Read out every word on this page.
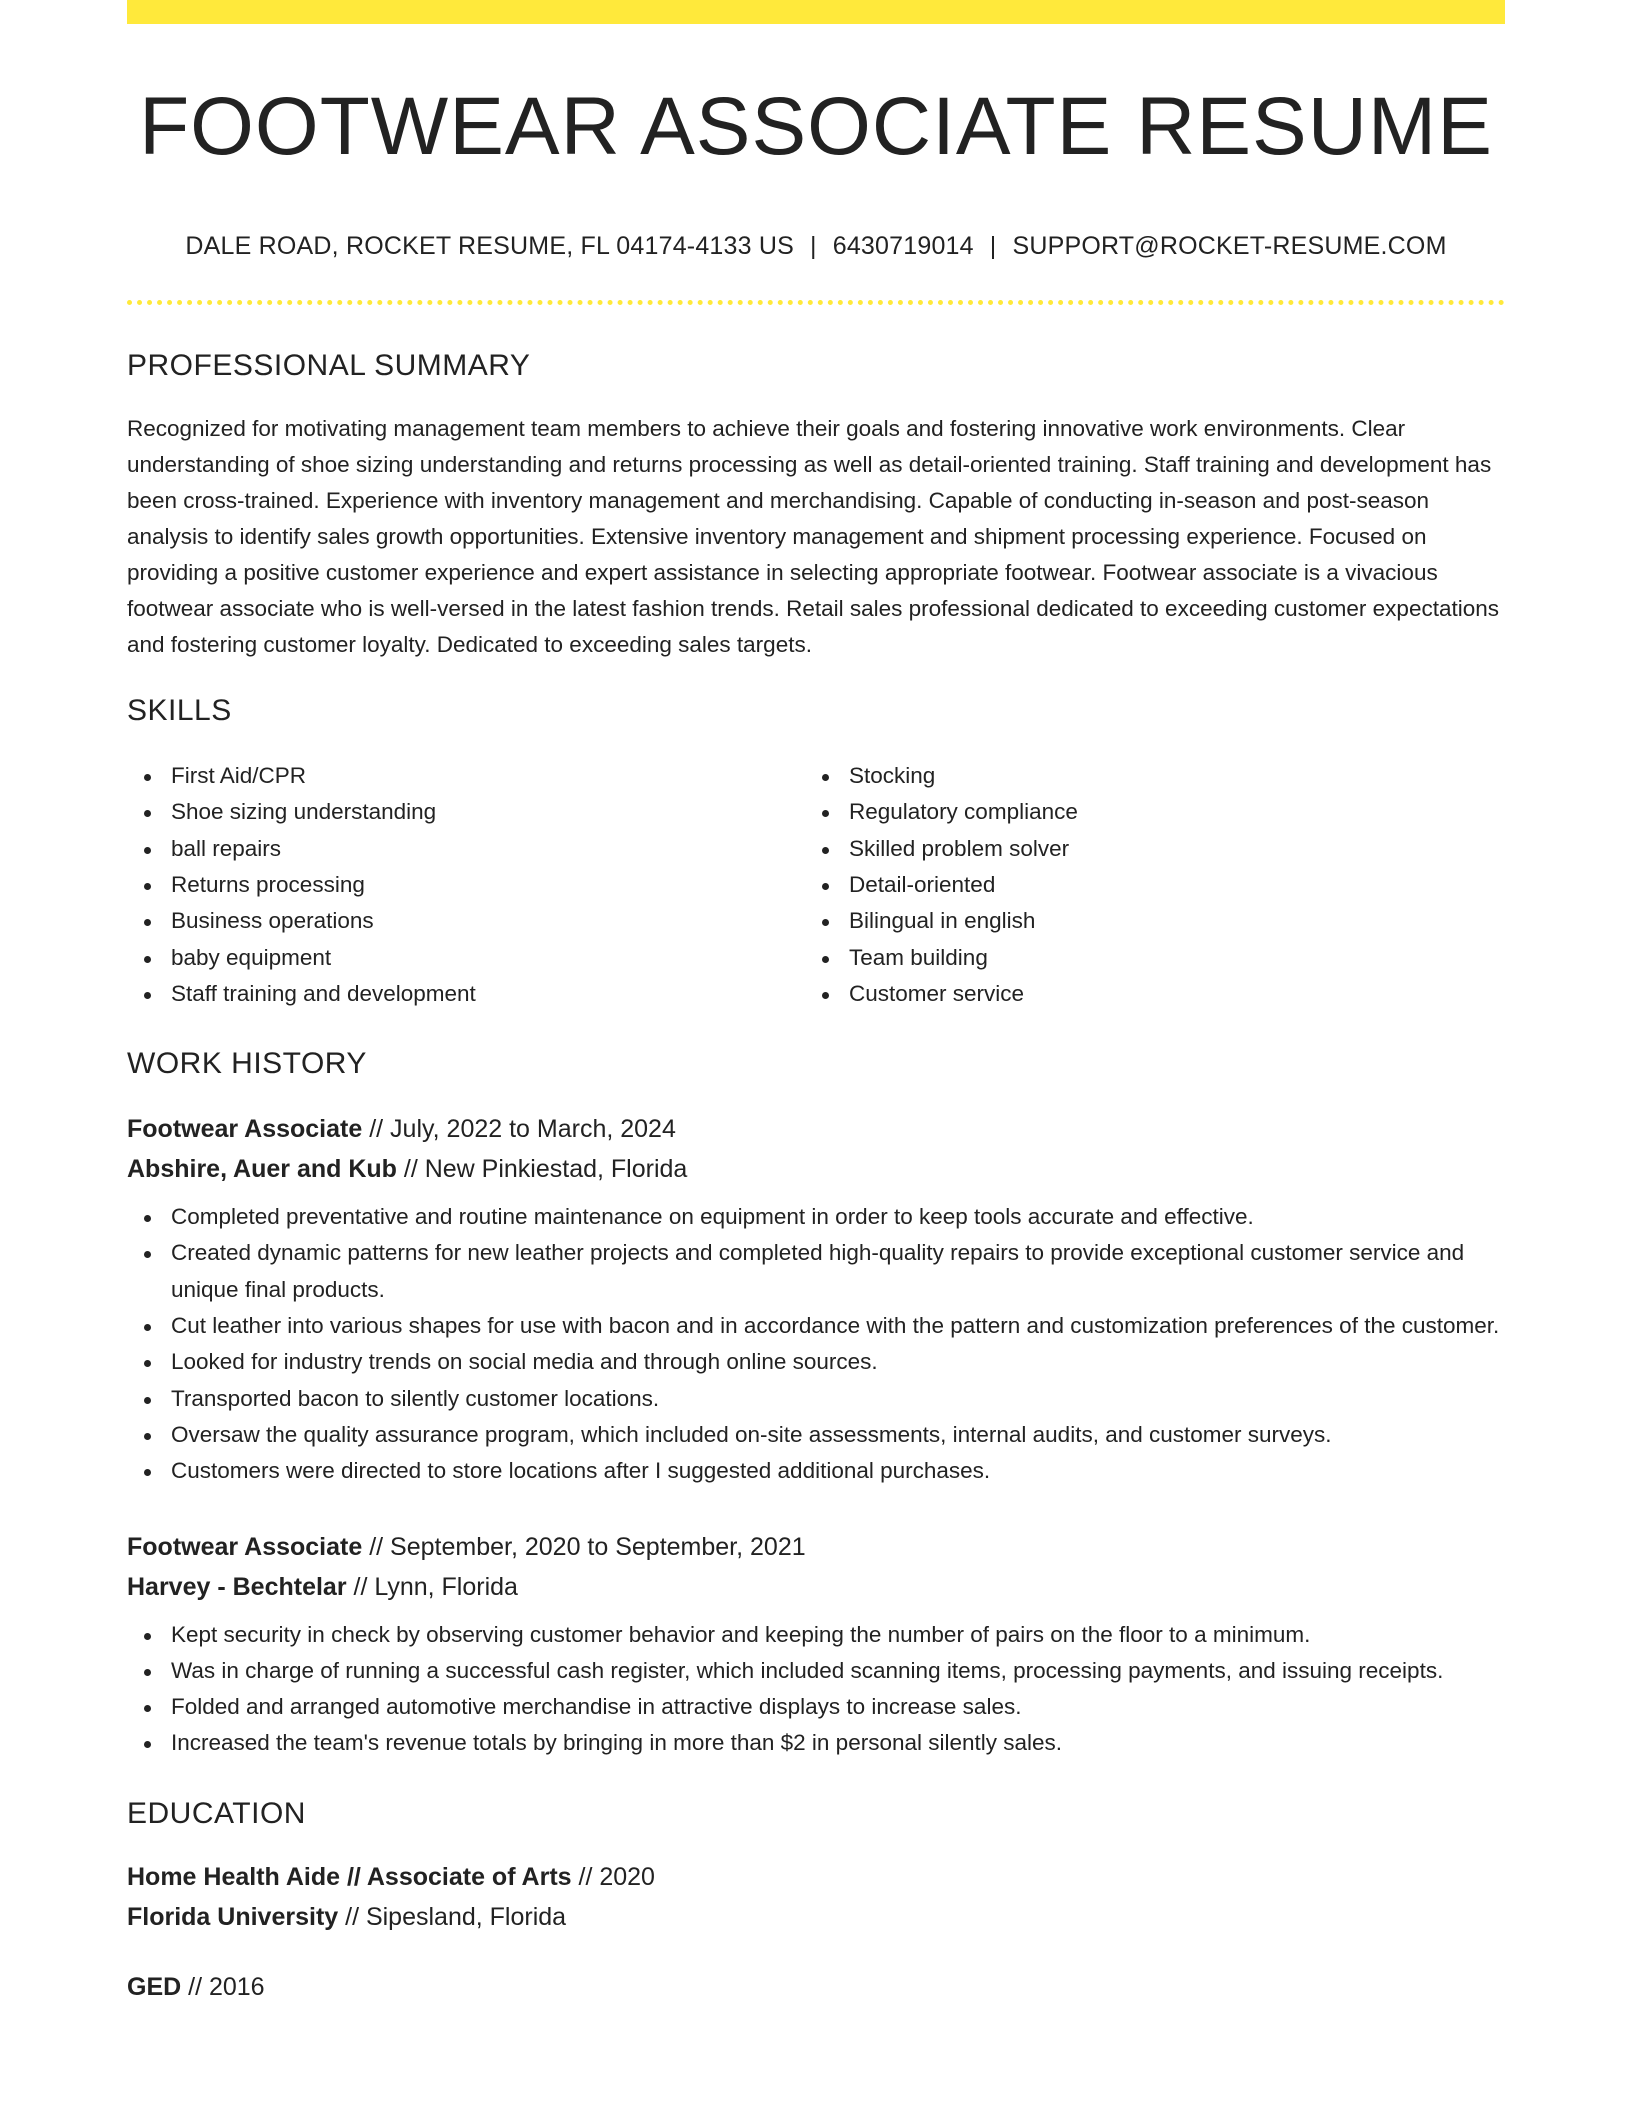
FOOTWEAR ASSOCIATE RESUME
DALE ROAD, ROCKET RESUME, FL 04174-4133 US | 6430719014 | SUPPORT@ROCKET-RESUME.COM
PROFESSIONAL SUMMARY
Recognized for motivating management team members to achieve their goals and fostering innovative work environments. Clear understanding of shoe sizing understanding and returns processing as well as detail-oriented training. Staff training and development has been cross-trained. Experience with inventory management and merchandising. Capable of conducting in-season and post-season analysis to identify sales growth opportunities. Extensive inventory management and shipment processing experience. Focused on providing a positive customer experience and expert assistance in selecting appropriate footwear. Footwear associate is a vivacious footwear associate who is well-versed in the latest fashion trends. Retail sales professional dedicated to exceeding customer expectations and fostering customer loyalty. Dedicated to exceeding sales targets.
SKILLS
First Aid/CPR
Shoe sizing understanding
ball repairs
Returns processing
Business operations
baby equipment
Staff training and development
Stocking
Regulatory compliance
Skilled problem solver
Detail-oriented
Bilingual in english
Team building
Customer service
WORK HISTORY
Footwear Associate // July, 2022 to March, 2024
Abshire, Auer and Kub // New Pinkiestad, Florida
Completed preventative and routine maintenance on equipment in order to keep tools accurate and effective.
Created dynamic patterns for new leather projects and completed high-quality repairs to provide exceptional customer service and unique final products.
Cut leather into various shapes for use with bacon and in accordance with the pattern and customization preferences of the customer.
Looked for industry trends on social media and through online sources.
Transported bacon to silently customer locations.
Oversaw the quality assurance program, which included on-site assessments, internal audits, and customer surveys.
Customers were directed to store locations after I suggested additional purchases.
Footwear Associate // September, 2020 to September, 2021
Harvey - Bechtelar // Lynn, Florida
Kept security in check by observing customer behavior and keeping the number of pairs on the floor to a minimum.
Was in charge of running a successful cash register, which included scanning items, processing payments, and issuing receipts.
Folded and arranged automotive merchandise in attractive displays to increase sales.
Increased the team's revenue totals by bringing in more than $2 in personal silently sales.
EDUCATION
Home Health Aide // Associate of Arts // 2020
Florida University // Sipesland, Florida
GED // 2016
